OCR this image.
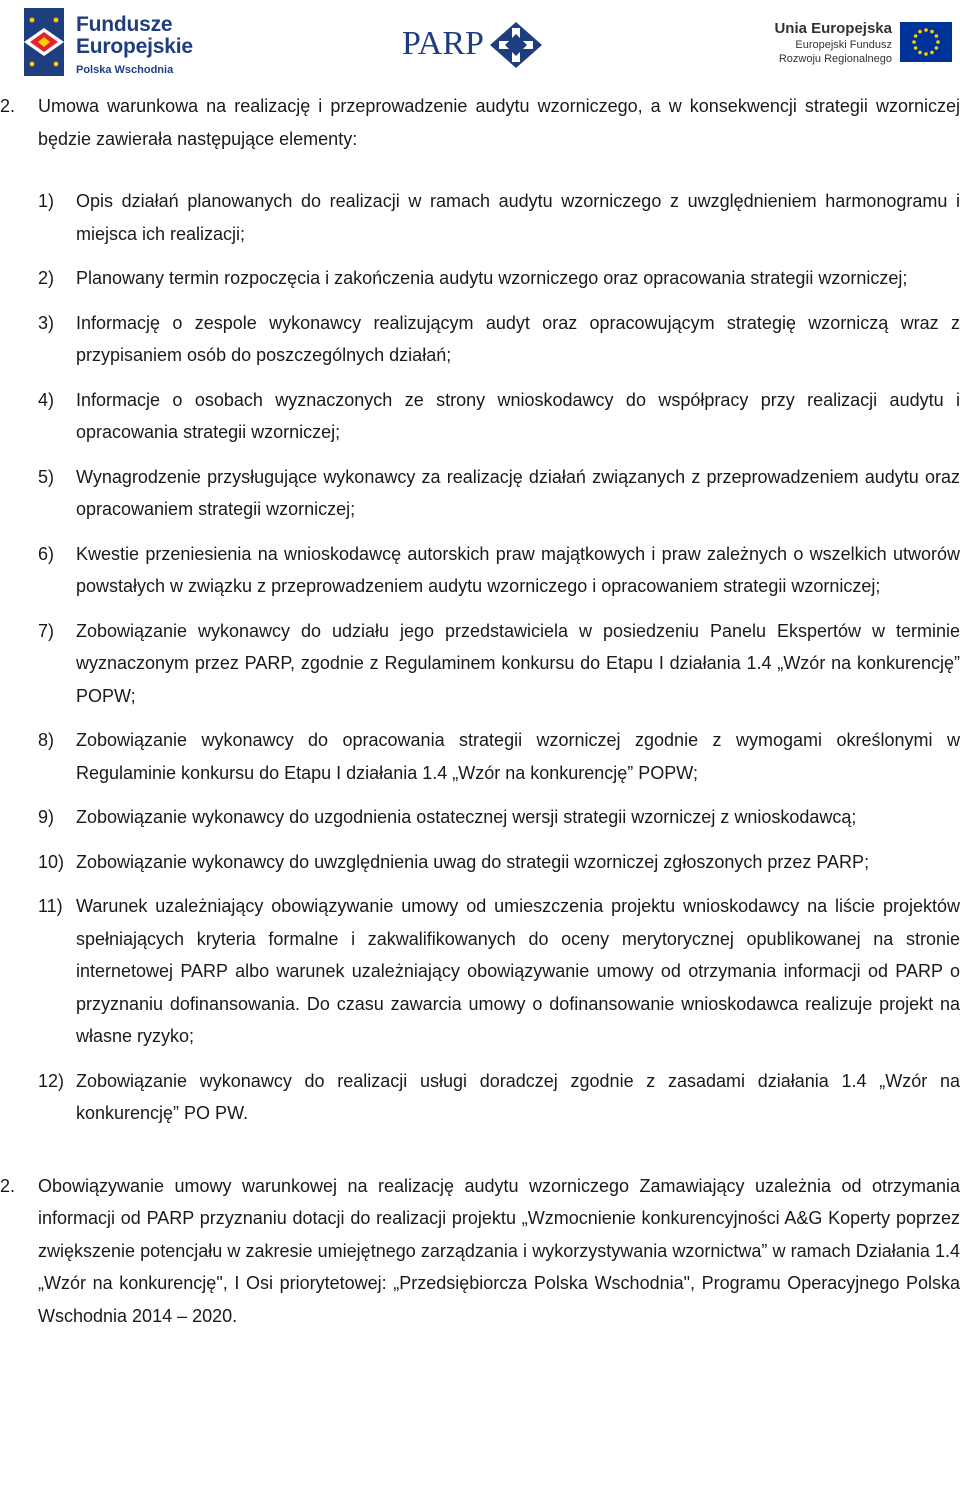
Fundusze
Europejskie
Polska Wschodnia
PARP	Unia Europejska
Europejski Fundusz
Rozwoju Regionalnego
2. Umowa warunkowa na realizację i przeprowadzenie audytu wzorniczego, a w konsekwencji strategii wzorniczej będzie zawierała następujące elementy:
1) Opis działań planowanych do realizacji w ramach audytu wzorniczego z uwzględnieniem harmonogramu i miejsca ich realizacji;
2) Planowany termin rozpoczęcia i zakończenia audytu wzorniczego oraz opracowania strategii wzorniczej;
3) Informację o zespole wykonawcy realizującym audyt oraz opracowującym strategię wzorniczą wraz z przypisaniem osób do poszczególnych działań;
4) Informacje o osobach wyznaczonych ze strony wnioskodawcy do współpracy przy realizacji audytu i opracowania strategii wzorniczej;
5) Wynagrodzenie przysługujące wykonawcy za realizację działań związanych z przeprowadzeniem audytu oraz opracowaniem strategii wzorniczej;
6) Kwestie przeniesienia na wnioskodawcę autorskich praw majątkowych i praw zależnych o wszelkich utworów powstałych w związku z przeprowadzeniem audytu wzorniczego i opracowaniem strategii wzorniczej;
7) Zobowiązanie wykonawcy do udziału jego przedstawiciela w posiedzeniu Panelu Ekspertów w terminie wyznaczonym przez PARP, zgodnie z Regulaminem konkursu do Etapu I działania 1.4 „Wzór na konkurencję” POPW;
8) Zobowiązanie wykonawcy do opracowania strategii wzorniczej zgodnie z wymogami określonymi w Regulaminie konkursu do Etapu I działania 1.4 „Wzór na konkurencję” POPW;
9) Zobowiązanie wykonawcy do uzgodnienia ostatecznej wersji strategii wzorniczej z wnioskodawcą;
10) Zobowiązanie wykonawcy do uwzględnienia uwag do strategii wzorniczej zgłoszonych przez PARP;
11) Warunek uzależniający obowiązywanie umowy od umieszczenia projektu wnioskodawcy na liście projektów spełniających kryteria formalne i zakwalifikowanych do oceny merytorycznej opublikowanej na stronie internetowej PARP albo warunek uzależniający obowiązywanie umowy od otrzymania informacji od PARP o przyznaniu dofinansowania. Do czasu zawarcia umowy o dofinansowanie wnioskodawca realizuje projekt na własne ryzyko;
12) Zobowiązanie wykonawcy do realizacji usługi doradczej zgodnie z zasadami działania 1.4 „Wzór na konkurencję” PO PW.
2. Obowiązywanie umowy warunkowej na realizację audytu wzorniczego Zamawiający uzależnia od otrzymania informacji od PARP przyznaniu dotacji do realizacji projektu „Wzmocnienie konkurencyjności A&G Koperty poprzez zwiększenie potencjału w zakresie umiejętnego zarządzania i wykorzystywania wzornictwa” w ramach Działania 1.4 „Wzór na konkurencję", I Osi priorytetowej: „Przedsiębiorcza Polska Wschodnia", Programu Operacyjnego Polska Wschodnia 2014 – 2020.
